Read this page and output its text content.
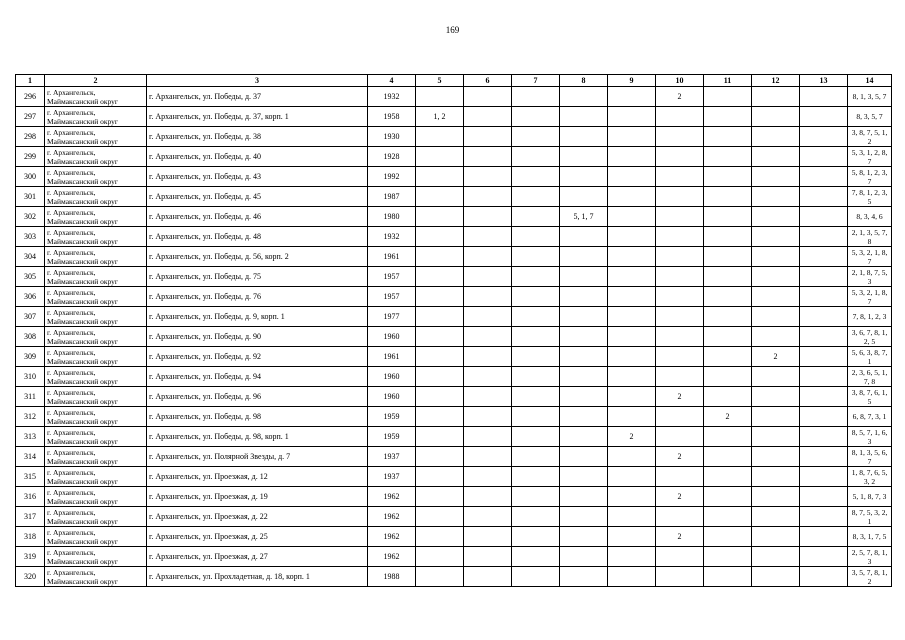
169
1	2	3	4	5	6	7	8	9	10	11	12	13	14
296	г. Архангельск,
Маймаксанский округ	г. Архангельск, ул. Победы, д. 37	1932						2				8, 1, 3, 5, 7
297	г. Архангельск,
Маймаксанский округ	г. Архангельск, ул. Победы, д. 37, корп. 1	1958	1, 2									8, 3, 5, 7
298	г. Архангельск,
Маймаксанский округ	г. Архангельск, ул. Победы, д. 38	1930										3, 8, 7, 5, 1, 2
299	г. Архангельск,
Маймаксанский округ	г. Архангельск, ул. Победы, д. 40	1928										5, 3, 1, 2, 8, 7
300	г. Архангельск,
Маймаксанский округ	г. Архангельск, ул. Победы, д. 43	1992										5, 8, 1, 2, 3, 7
301	г. Архангельск,
Маймаксанский округ	г. Архангельск, ул. Победы, д. 45	1987										7, 8, 1, 2, 3, 5
302	г. Архангельск,
Маймаксанский округ	г. Архангельск, ул. Победы, д. 46	1980				5, 1, 7						8, 3, 4, 6
303	г. Архангельск,
Маймаксанский округ	г. Архангельск, ул. Победы, д. 48	1932										2, 1, 3, 5, 7, 8
304	г. Архангельск,
Маймаксанский округ	г. Архангельск, ул. Победы, д. 56, корп. 2	1961										5, 3, 2, 1, 8, 7
305	г. Архангельск,
Маймаксанский округ	г. Архангельск, ул. Победы, д. 75	1957										2, 1, 8, 7, 5, 3
306	г. Архангельск,
Маймаксанский округ	г. Архангельск, ул. Победы, д. 76	1957										5, 3, 2, 1, 8, 7
307	г. Архангельск,
Маймаксанский округ	г. Архангельск, ул. Победы, д. 9, корп. 1	1977										7, 8, 1, 2, 3
308	г. Архангельск,
Маймаксанский округ	г. Архангельск, ул. Победы, д. 90	1960										3, 6, 7, 8, 1, 2, 5
309	г. Архангельск,
Маймаксанский округ	г. Архангельск, ул. Победы, д. 92	1961								2		5, 6, 3, 8, 7, 1
310	г. Архангельск,
Маймаксанский округ	г. Архангельск, ул. Победы, д. 94	1960										2, 3, 6, 5, 1, 7, 8
311	г. Архангельск,
Маймаксанский округ	г. Архангельск, ул. Победы, д. 96	1960						2				3, 8, 7, 6, 1, 5
312	г. Архангельск,
Маймаксанский округ	г. Архангельск, ул. Победы, д. 98	1959							2			6, 8, 7, 3, 1
313	г. Архангельск,
Маймаксанский округ	г. Архангельск, ул. Победы, д. 98, корп. 1	1959					2					8, 5, 7, 1, 6, 3
314	г. Архангельск,
Маймаксанский округ	г. Архангельск, ул. Полярной Звезды, д. 7	1937						2				8, 1, 3, 5, 6, 7
315	г. Архангельск,
Маймаксанский округ	г. Архангельск, ул. Проезжая, д. 12	1937										1, 8, 7, 6, 5, 3, 2
316	г. Архангельск,
Маймаксанский округ	г. Архангельск, ул. Проезжая, д. 19	1962						2				5, 1, 8, 7, 3
317	г. Архангельск,
Маймаксанский округ	г. Архангельск, ул. Проезжая, д. 22	1962										8, 7, 5, 3, 2, 1
318	г. Архангельск,
Маймаксанский округ	г. Архангельск, ул. Проезжая, д. 25	1962						2				8, 3, 1, 7, 5
319	г. Архангельск,
Маймаксанский округ	г. Архангельск, ул. Проезжая, д. 27	1962										2, 5, 7, 8, 1, 3
320	г. Архангельск,
Маймаксанский округ	г. Архангельск, ул. Прохладетная, д. 18, корп. 1	1988										3, 5, 7, 8, 1, 2
